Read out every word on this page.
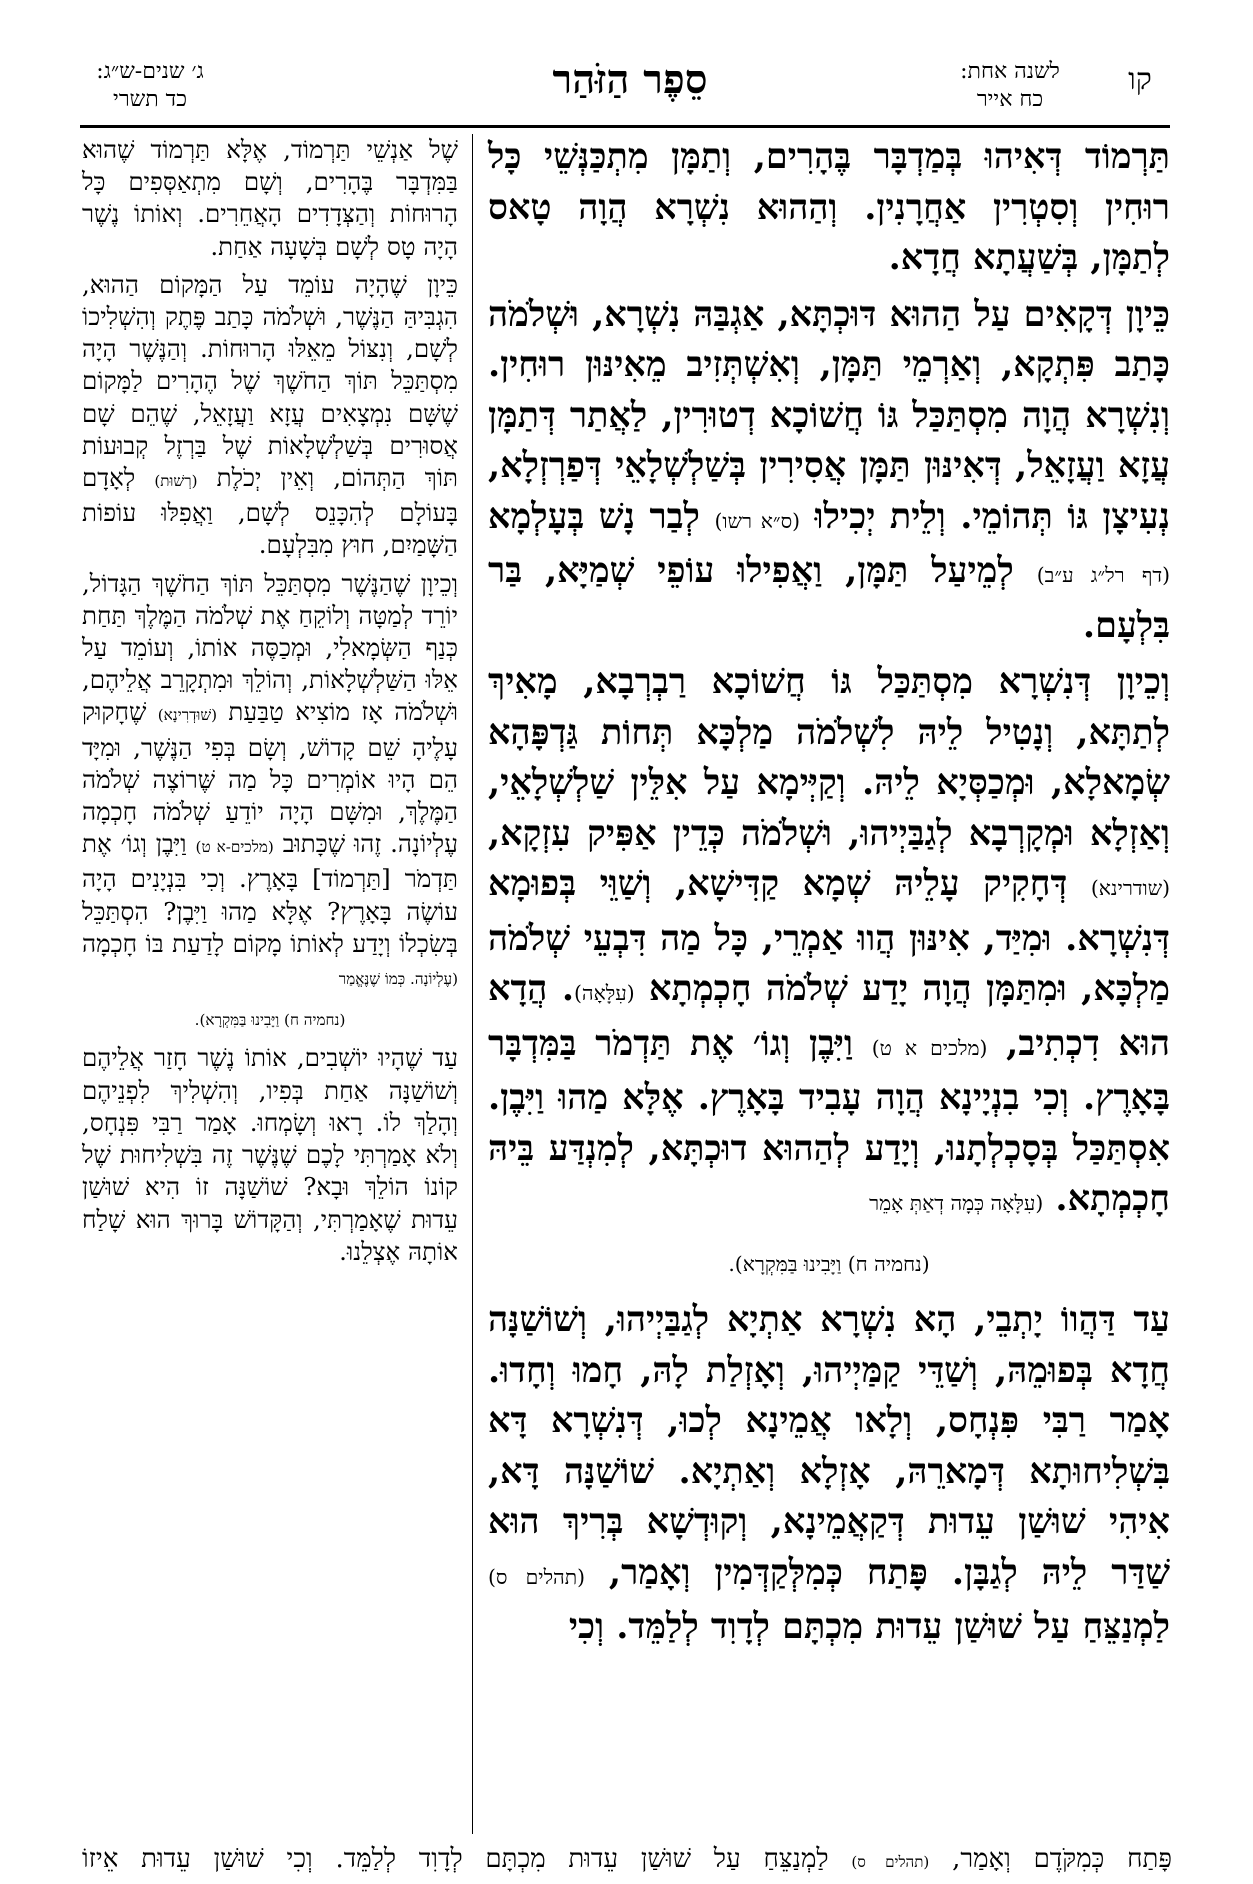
ג׳ שנים-ש״ג:
כד תשרי	סֵפֶר הַזֹּהַר	לשנה אחת:
כח אייר
קו

תַּרְמוֹד דְּאִיהוּ בְּמַדְבָּר בֶּהָרִים, וְתַמָּן מִתְכַּנְּשֵׁי כָּל רוּחִין וְסִטְרִין אַחֲרָנִין. וְהַהוּא נִשְׁרָא הֲוָה טָאס לְתַמָּן, בְּשַׁעֲתָא חֲדָא.

כֵּיוָן דְּקָאִים עַל הַהוּא דּוּכְתָּא, אַגְבַּהּ נִשְׁרָא, וּשְׁלֹמֹה כָּתַב פִּתְקָא, וְאַרְמֵי תַּמָּן, וְאִשְׁתְּזִיב מֵאִינּוּן רוּחִין. וְנִשְׁרָא הֲוָה מִסְתַּכַּל גּוֹ חֲשׁוֹכָא דְטוּרִין, לַאֲתַר דְּתַמָּן עֲזָא וַעֲזָאֵל, דְּאִינּוּן תַּמָּן אֲסִירִין בְּשַׁלְשְׁלָאֵי דְּפַרְזְלָא, נְעִיצָן גּוֹ תְּהוֹמֵי. וְלֵית יְכִילוּ (ס״א רשו) לְבַר נָשׁ בְּעָלְמָא (דף רל״ג ע״ב) לְמֵיעַל תַּמָּן, וַאֲפִילוּ עוֹפֵי שְׁמַיָּא, בַּר בִּלְעָם.

וְכֵיוָן דְּנִשְׁרָא מִסְתַּכַּל גּוֹ חֲשׁוֹכָא רַבְרְבָא, מָאִיךְ לְתַתָּא, וְנָטִיל לֵיהּ לִשְׁלֹמֹה מַלְכָּא תְּחוֹת גַּדְפָּהָא שְׂמָאלָא, וּמְכַסְּיָא לֵיהּ. וְקַיְּימָא עַל אִלֵּין שַׁלְשְׁלָאֵי, וְאַזְלָא וּמְקָרְבָא לְגַבַּיְיהוּ, וּשְׁלֹמֹה כְּדֵין אַפִּיק עִזְקָא, (שודרינא) דְּחָקִיק עָלֵיהּ שְׁמָא קַדִּישָׁא, וְשַׁוֵּי בְּפוּמָא דְּנִשְׁרָא. וּמִיַּד, אִינּוּן הֲווּ אַמְרֵי, כָּל מַה דִּבְעֵי שְׁלֹמֹה מַלְכָּא, וּמִתַּמָּן הֲוָה יָדַע שְׁלֹמֹה חָכְמְתָא (עִלָּאָה). הֲדָא הוּא דִכְתִיב, (מלכים א ט) וַיִּבֶן וְגוֹ׳ אֶת תַּדְמֹר בַּמִּדְבָּר בָּאָרֶץ. וְכִי בִנְיָינָא הֲוָה עָבִיד בָּאָרֶץ. אֶלָּא מַהוּ וַיִּבֶן. אִסְתַּכַּל בְּסָכְלְתָנוּ, וְיָדַע לְהַהוּא דוּכְתָּא, לְמִנְדַּע בֵּיהּ חָכְמְתָא. (עִלָּאָה כְּמָה דְאַתְּ אָמֵר

(נחמיה ח) וַיָּבִינוּ בַּמִּקְרָא).

עַד דַּהֲווֹ יָתְבֵי, הָא נִשְׁרָא אַתְיָא לְגַבַּיְיהוּ, וְשׁוֹשַׁנָּה חֲדָא בְּפוּמֵהּ, וְשַׁדֵּי קַמַּיְיהוּ, וְאָזְלַת לָהּ, חָמוּ וְחָדוּ. אָמַר רַבִּי פִּנְחָס, וְלָאו אֲמֵינָא לְכוּ, דְּנִשְׁרָא דָּא בִּשְׁלִיחוּתָא דְּמָארֵהּ, אָזְלָא וְאַתְיָא. שׁוֹשַׁנָּה דָּא, אִיהִי שׁוּשַׁן עֵדוּת דְּקַאֲמֵינָא, וְקוּדְשָׁא בְּרִיךְ הוּא שַׁדַּר לֵיהּ לְגַבָּן. פָּתַח כְּמִלְּקַדְּמִין וְאָמַר, (תהלים ס) לַמְנַצֵּחַ עַל שׁוּשַׁן עֵדוּת מִכְתָּם לְדָוִד לְלַמֵּד. וְכִי

שֶׁל אַנְשֵׁי תַּרְמוֹד, אֶלָּא תַּרְמוֹד שֶׁהוּא בַּמִּדְבָּר בֶּהָרִים, וְשָׁם מִתְאַסְּפִים כָּל הָרוּחוֹת וְהַצְּדָדִים הָאֲחֵרִים. וְאוֹתוֹ נֶשֶׁר הָיָה טָס לְשָׁם בְּשָׁעָה אַחַת.

כֵּיוָן שֶׁהָיָה עוֹמֵד עַל הַמָּקוֹם הַהוּא, הִגְבִּיהַּ הַנֶּשֶׁר, וּשְׁלֹמֹה כָּתַב פֶּתֶק וְהִשְׁלִיכוֹ לְשָׁם, וְנִצּוֹל מֵאֵלּוּ הָרוּחוֹת. וְהַנֶּשֶׁר הָיָה מִסְתַּכֵּל תּוֹךְ הַחֹשֶׁךְ שֶׁל הֶהָרִים לַמָּקוֹם שֶׁשָּׁם נִמְצָאִים עֲזָא וַעֲזָאֵל, שֶׁהֵם שָׁם אֲסוּרִים בְּשַׁלְשְׁלָאוֹת שֶׁל בַּרְזֶל קְבוּעוֹת תּוֹךְ הַתְּהוֹם, וְאֵין יְכֹלֶת (רְשׁוּת) לְאָדָם בָּעוֹלָם לְהִכָּנֵס לְשָׁם, וַאֲפִלּוּ עוֹפוֹת הַשָּׁמַיִם, חוּץ מִבִּלְעָם.

וְכֵיוָן שֶׁהַנֶּשֶׁר מִסְתַּכֵּל תּוֹךְ הַחֹשֶׁךְ הַגָּדוֹל, יוֹרֵד לְמַטָּה וְלוֹקֵחַ אֶת שְׁלֹמֹה הַמֶּלֶךְ תַּחַת כְּנַף הַשְּׂמָאלִי, וּמְכַסֶּה אוֹתוֹ, וְעוֹמֵד עַל אֵלּוּ הַשַּׁלְשְׁלָאוֹת, וְהוֹלֵךְ וּמִתְקָרֵב אֲלֵיהֶם, וּשְׁלֹמֹה אָז מוֹצִיא טַבַּעַת (שׁוּדְרִינָא) שֶׁחָקוּק עָלֶיהָ שֵׁם קָדוֹשׁ, וְשָׂם בְּפִי הַנֶּשֶׁר, וּמִיָּד הֵם הָיוּ אוֹמְרִים כָּל מַה שֶּׁרוֹצֶה שְׁלֹמֹה הַמֶּלֶךְ, וּמִשָּׁם הָיָה יוֹדֵעַ שְׁלֹמֹה חָכְמָה עֶלְיוֹנָה. זֶהוּ שֶׁכָּתוּב (מלכים-א ט) וַיִּבֶן וְגוֹ׳ אֶת תַּדְמֹר [תַּרְמוֹד] בָּאָרֶץ. וְכִי בִּנְיָנִים הָיָה עוֹשֶׂה בָּאָרֶץ? אֶלָּא מַהוּ וַיִּבֶן? הִסְתַּכֵּל בְּשִׂכְלוֹ וְיָדַע לְאוֹתוֹ מָקוֹם לָדַעַת בּוֹ חָכְמָה (עֶלְיוֹנָה. כְּמוֹ שֶׁנֶּאֱמַר

(נחמיה ח) וַיָּבִינוּ בַּמִּקְרָא).

עַד שֶׁהָיוּ יוֹשְׁבִים, אוֹתוֹ נֶשֶׁר חָזַר אֲלֵיהֶם וְשׁוֹשַׁנָּה אַחַת בְּפִיו, וְהִשְׁלִיךְ לִפְנֵיהֶם וְהָלַךְ לוֹ. רָאוּ וְשָׂמְחוּ. אָמַר רַבִּי פִּנְחָס, וְלֹא אָמַרְתִּי לָכֶם שֶׁנֶּשֶׁר זֶה בִּשְׁלִיחוּת שֶׁל קוֹנוֹ הוֹלֵךְ וּבָא? שׁוֹשַׁנָּה זוֹ הִיא שׁוּשַׁן עֵדוּת שֶׁאָמַרְתִּי, וְהַקָּדוֹשׁ בָּרוּךְ הוּא שָׁלַח אוֹתָהּ אֶצְלֵנוּ.

פָּתַח כְּמִקֹּדֶם וְאָמַר, (תהלים ס) לַמְנַצֵּחַ עַל שׁוּשַׁן עֵדוּת מִכְתָּם לְדָוִד לְלַמֵּד. וְכִי שׁוּשַׁן עֵדוּת אֵיזוֹ
